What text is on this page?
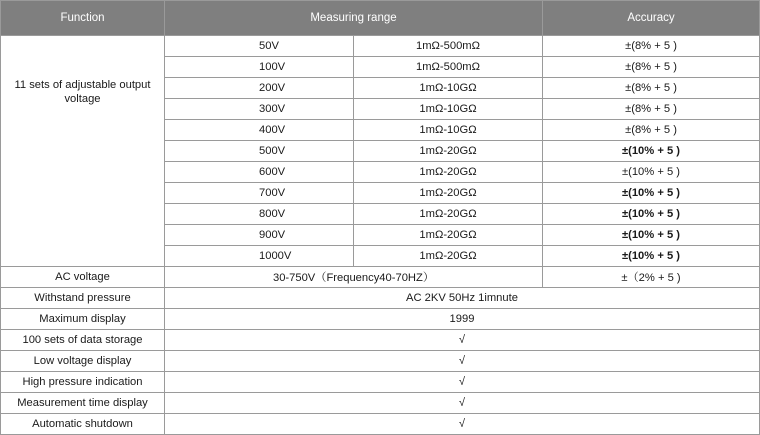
Function	Measuring range		Accuracy
11 sets of adjustable output voltage	50V	1mΩ-500mΩ	±(8% + 5 )
	100V	1mΩ-500mΩ	±(8% + 5 )
	200V	1mΩ-10GΩ	±(8% + 5 )
	300V	1mΩ-10GΩ	±(8% + 5 )
	400V	1mΩ-10GΩ	±(8% + 5 )
	500V	1mΩ-20GΩ	±(10% + 5 )
	600V	1mΩ-20GΩ	±(10% + 5 )
	700V	1mΩ-20GΩ	±(10% + 5 )
	800V	1mΩ-20GΩ	±(10% + 5 )
	900V	1mΩ-20GΩ	±(10% + 5 )
	1000V	1mΩ-20GΩ	±(10% + 5 )
AC voltage	30-750V（Frequency40-70HZ）		±（2% + 5 )
Withstand pressure	AC 2KV 50Hz 1imnute		
Maximum display	1999		
100 sets of data storage	√		
Low voltage display	√		
High pressure indication	√		
Measurement time display	√		
Automatic shutdown	√		
